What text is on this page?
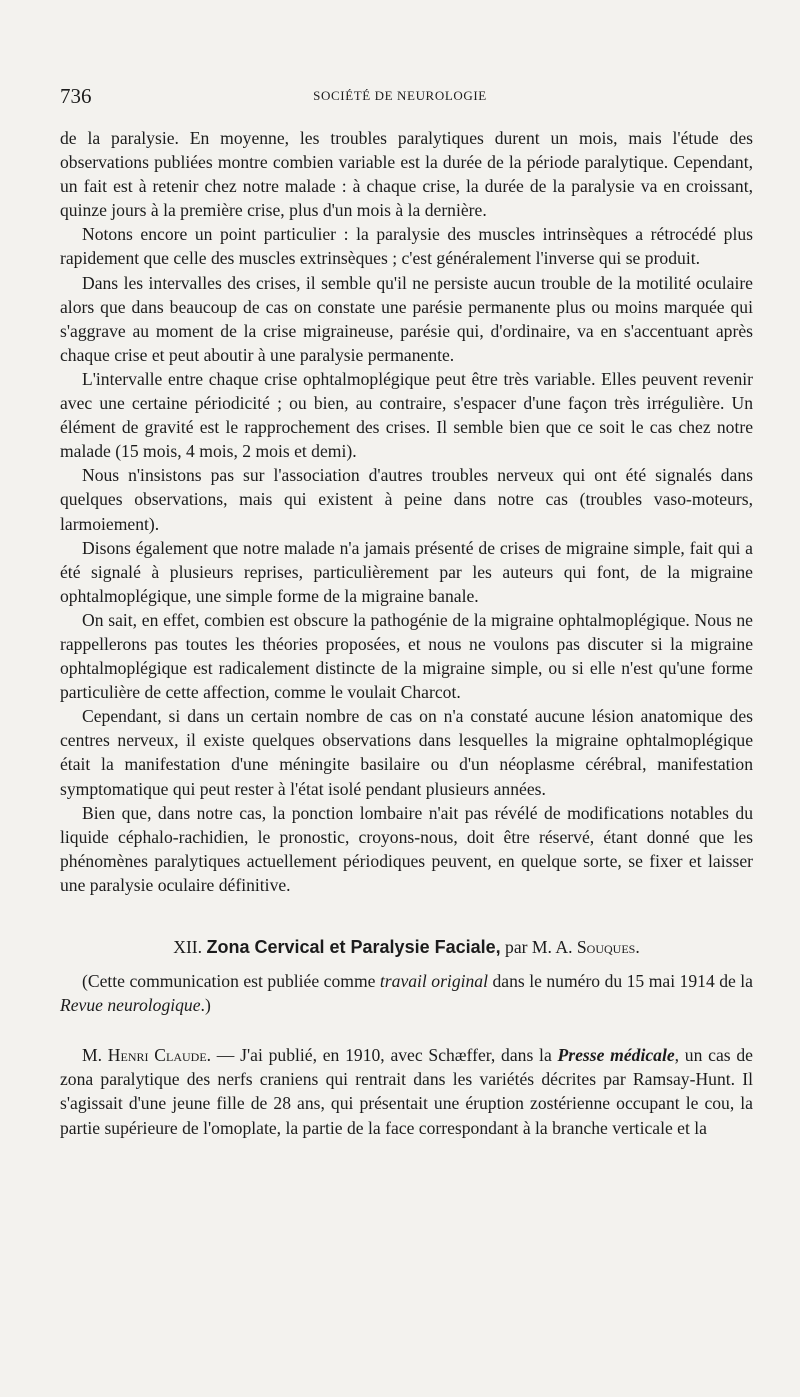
736	SOCIÉTÉ DE NEUROLOGIE

de la paralysie. En moyenne, les troubles paralytiques durent un mois, mais l'étude des observations publiées montre combien variable est la durée de la période paralytique. Cependant, un fait est à retenir chez notre malade : à chaque crise, la durée de la paralysie va en croissant, quinze jours à la première crise, plus d'un mois à la dernière.

Notons encore un point particulier : la paralysie des muscles intrinsèques a rétrocédé plus rapidement que celle des muscles extrinsèques ; c'est généralement l'inverse qui se produit.

Dans les intervalles des crises, il semble qu'il ne persiste aucun trouble de la motilité oculaire alors que dans beaucoup de cas on constate une parésie permanente plus ou moins marquée qui s'aggrave au moment de la crise migraineuse, parésie qui, d'ordinaire, va en s'accentuant après chaque crise et peut aboutir à une paralysie permanente.

L'intervalle entre chaque crise ophtalmoplégique peut être très variable. Elles peuvent revenir avec une certaine périodicité ; ou bien, au contraire, s'espacer d'une façon très irrégulière. Un élément de gravité est le rapprochement des crises. Il semble bien que ce soit le cas chez notre malade (15 mois, 4 mois, 2 mois et demi).

Nous n'insistons pas sur l'association d'autres troubles nerveux qui ont été signalés dans quelques observations, mais qui existent à peine dans notre cas (troubles vaso-moteurs, larmoiement).

Disons également que notre malade n'a jamais présenté de crises de migraine simple, fait qui a été signalé à plusieurs reprises, particulièrement par les auteurs qui font, de la migraine ophtalmoplégique, une simple forme de la migraine banale.

On sait, en effet, combien est obscure la pathogénie de la migraine ophtalmoplégique. Nous ne rappellerons pas toutes les théories proposées, et nous ne voulons pas discuter si la migraine ophtalmoplégique est radicalement distincte de la migraine simple, ou si elle n'est qu'une forme particulière de cette affection, comme le voulait Charcot.

Cependant, si dans un certain nombre de cas on n'a constaté aucune lésion anatomique des centres nerveux, il existe quelques observations dans lesquelles la migraine ophtalmoplégique était la manifestation d'une méningite basilaire ou d'un néoplasme cérébral, manifestation symptomatique qui peut rester à l'état isolé pendant plusieurs années.

Bien que, dans notre cas, la ponction lombaire n'ait pas révélé de modifications notables du liquide céphalo-rachidien, le pronostic, croyons-nous, doit être réservé, étant donné que les phénomènes paralytiques actuellement périodiques peuvent, en quelque sorte, se fixer et laisser une paralysie oculaire définitive.

XII. Zona Cervical et Paralysie Faciale, par M. A. Souques.

(Cette communication est publiée comme travail original dans le numéro du 15 mai 1914 de la Revue neurologique.)

M. Henri Claude. — J'ai publié, en 1910, avec Schæffer, dans la Presse médicale, un cas de zona paralytique des nerfs craniens qui rentrait dans les variétés décrites par Ramsay-Hunt. Il s'agissait d'une jeune fille de 28 ans, qui présentait une éruption zostérienne occupant le cou, la partie supérieure de l'omoplate, la partie de la face correspondant à la branche verticale et la
